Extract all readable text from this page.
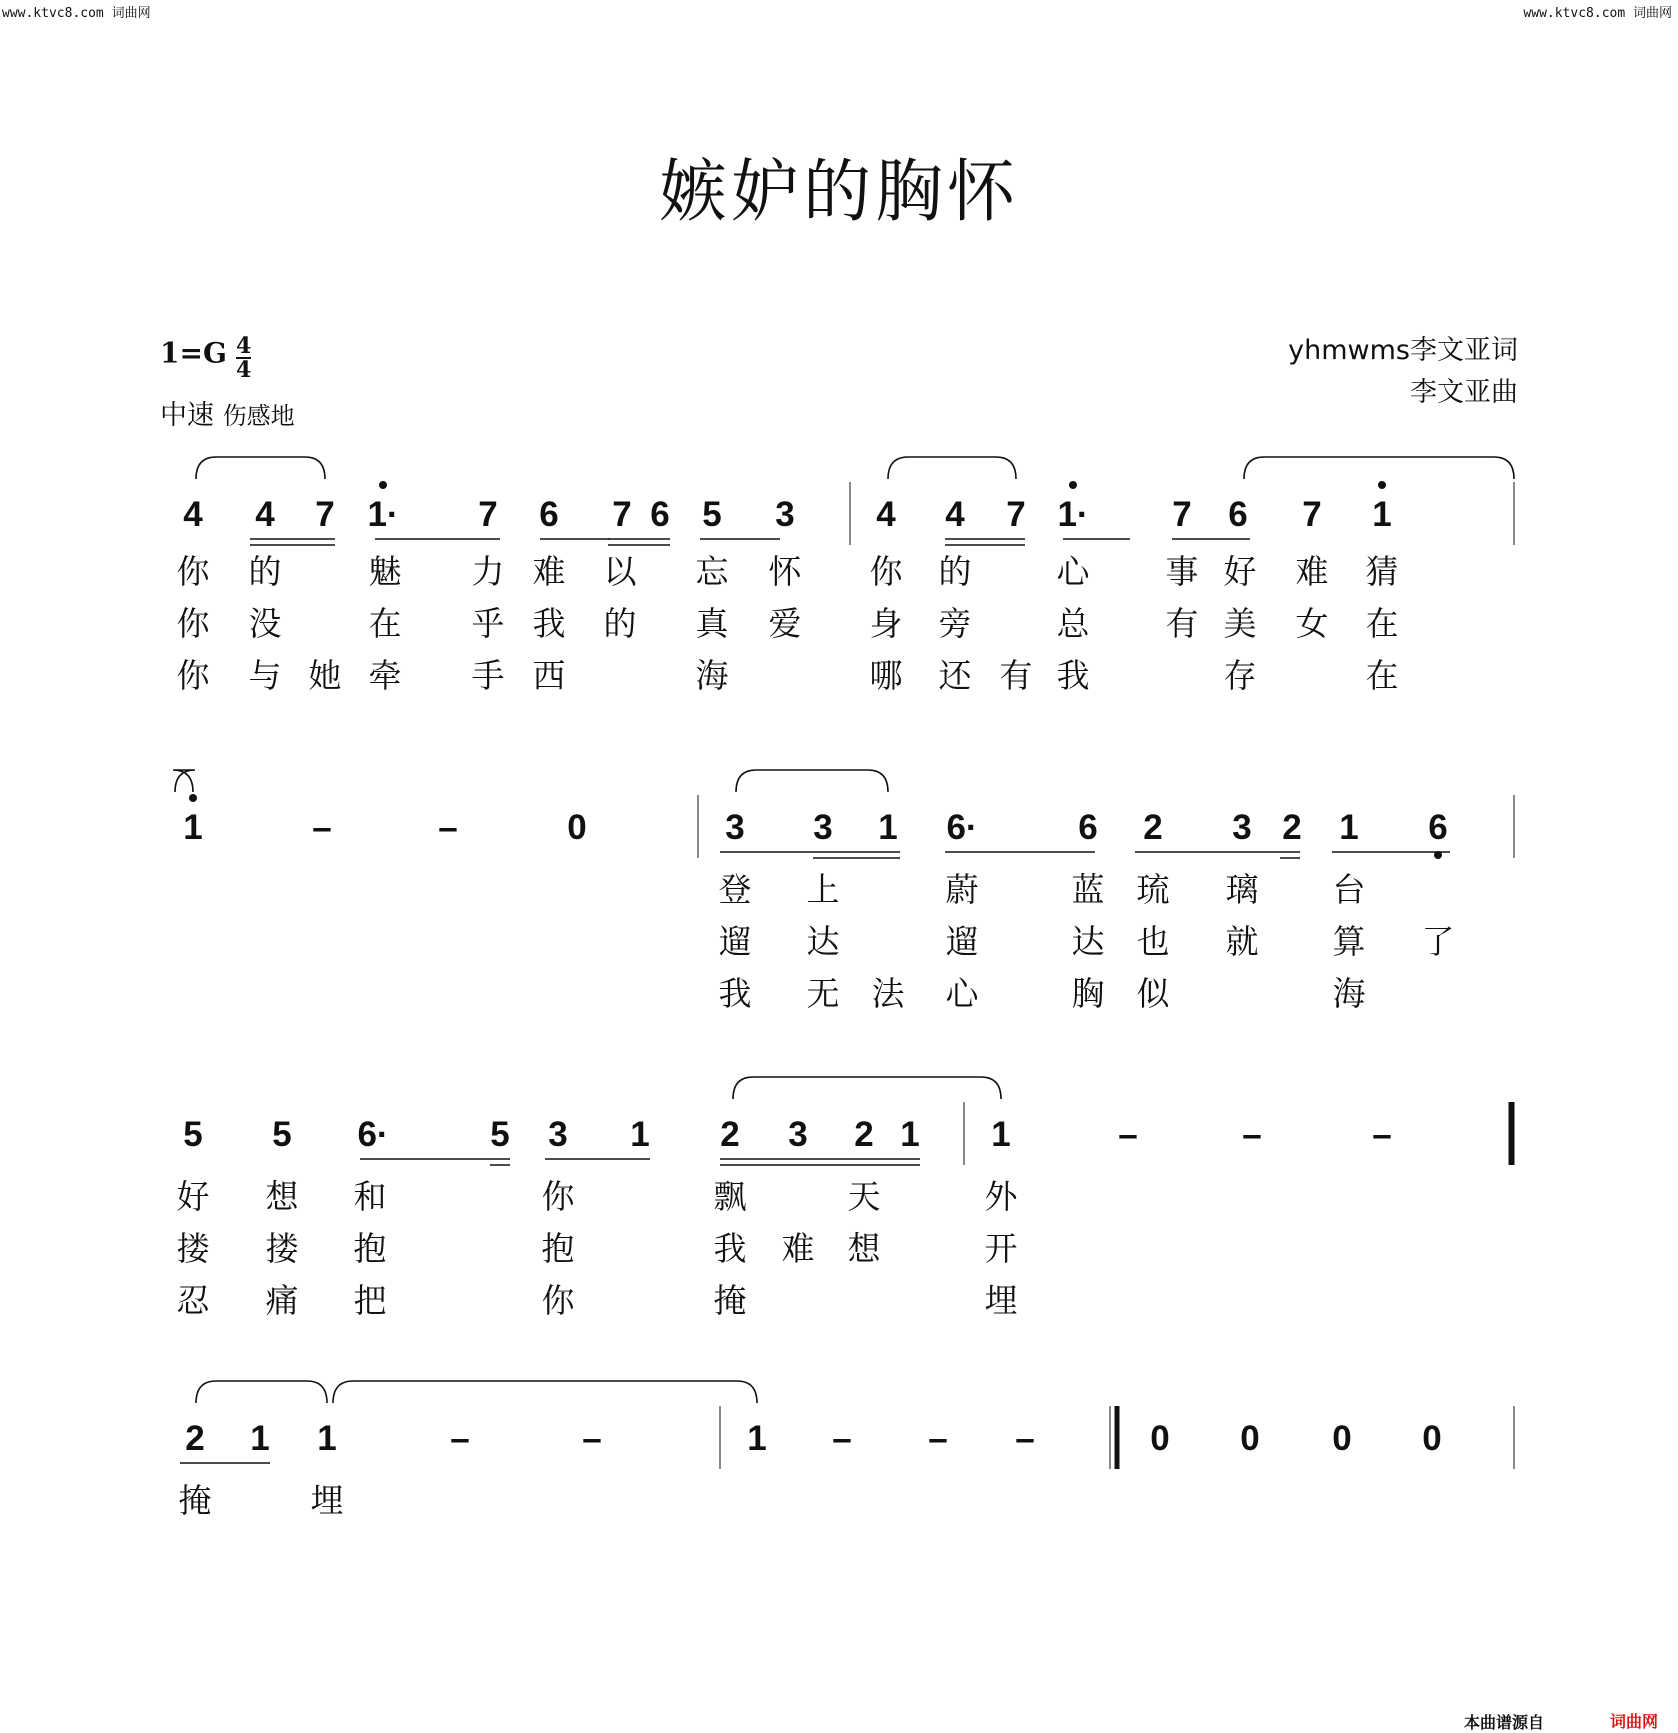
www.ktvc8.com 词曲网	www.ktvc8.com 词曲网
嫉妒的胸怀
$1=G \frac{4}{4}$
中速 伤感地
yhmwms李文亚词
李文亚曲
4 4 7 1· 7 6 7 6 5 3 4 4 7 1· 7 6 7 1
你 的	魅 力 难 以 忘 怀 你 的	心 事 好 难 猜
你 没	在 乎 我 的 真 爱 身 旁	总 有 美 女 在
你 与 她 牵 手 西	海	哪 还 有 我	存	在
1	–	–	0	3 3 1 6·	6 2 3 2 1 6
登 上	蔚	蓝 琉 璃 台
遛 达	遛	达 也 就 算 了
我 无 法 心	胸 似	海
5 5 6·	5 3 1 2 3 2 1 1	–	–	–
好 想 和	你	飘	天	外
搂 搂 抱	抱	我 难 想	开
忍 痛 把	你	掩	埋
2 1 1	–	–	1 – – –	0 0 0 0
掩	埋
本曲谱源自	词曲网
